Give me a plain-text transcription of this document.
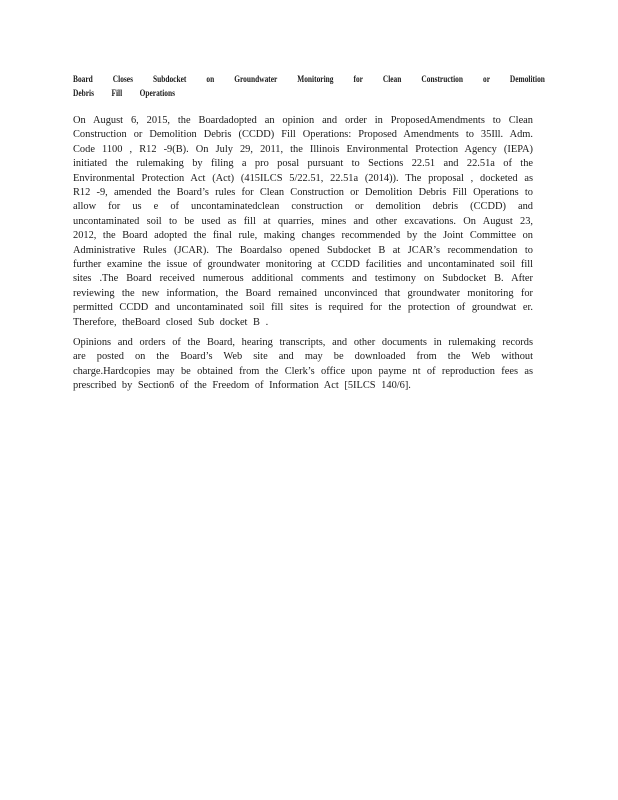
Board Closes Subdocket on Groundwater Monitoring for Clean Construction or Demolition Debris Fill Operations

On August 6, 2015, the Boardadopted an opinion and order in ProposedAmendments to Clean Construction or Demolition Debris (CCDD) Fill Operations: Proposed Amendments to 35Ill. Adm. Code 1100 , R12 -9(B). On July 29, 2011, the Illinois Environmental Protection Agency (IEPA) initiated the rulemaking by filing a pro posal pursuant to Sections 22.51 and 22.51a of the Environmental Protection Act (Act) (415ILCS 5/22.51, 22.51a (2014)). The proposal , docketed as R12 -9, amended the Board’s rules for Clean Construction or Demolition Debris Fill Operations to allow for us e of uncontaminatedclean construction or demolition debris (CCDD) and uncontaminated soil to be used as fill at quarries, mines and other excavations. On August 23, 2012, the Board adopted the final rule, making changes recommended by the Joint Committee on Administrative Rules (JCAR). The Boardalso opened Subdocket B at JCAR’s recommendation to further examine the issue of groundwater monitoring at CCDD facilities and uncontaminated soil fill sites .The Board received numerous additional comments and testimony on Subdocket B. After reviewing the new information, the Board remained unconvinced that groundwater monitoring for permitted CCDD and uncontaminated soil fill sites is required for the protection of groundwat er. Therefore, theBoard closed Sub docket B .

Opinions and orders of the Board, hearing transcripts, and other documents in rulemaking records are posted on the Board’s Web site and may be downloaded from the Web without charge.Hardcopies may be obtained from the Clerk’s office upon payme nt of reproduction fees as prescribed by Section6 of the Freedom of Information Act [5ILCS 140/6].
